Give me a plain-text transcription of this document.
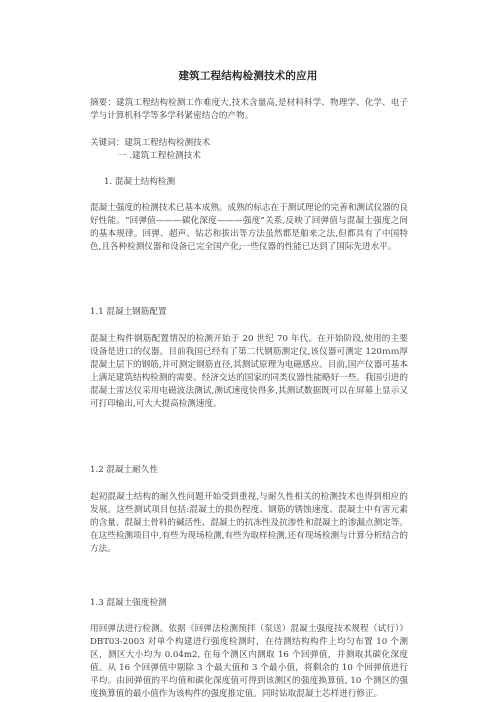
建筑工程结构检测技术的应用
摘要：建筑工程结构检测工作难度大,技术含量高,是材料科学、物理学、化学、电子学与计算机科学等多学科紧密结合的产物。
关键词：建筑工程结构检测技术
一 .建筑工程检测技术
1. 混凝土结构检测
混凝土强度的检测技术已基本成熟。成熟的标志在于测试理论的完善和测试仪器的良好性能。“回弹值———碳化深度———强度”关系,反映了回弹值与混凝土强度之间的基本规律。回弹、超声、钻芯和拔出等方法虽然都是舶来之法,但都具有了中国特色,且各种检测仪器和设备已完全国产化;一些仪器的性能已达到了国际先进水平。
1.1 混凝土钢筋配置
混凝土构件钢筋配置情况的检测开始于 20 世纪 70 年代。在开始阶段,使用的主要设备是进口的仪器。目前我国已经有了第二代钢筋测定仪,该仪器可测定 120ｍｍ厚混凝土层下的钢筋,并可测定钢筋直径,其测试原理为电磁感应。目前,国产仪器可基本上满足建筑结构检测的需要。经济交达的国家的同类仪器性能略好一些。我国引进的混凝土雷达仪采用电磁波法测试,测试速度快得多,其测试数据既可以在屏幕上显示又可打印输出,可大大提高检测速度。
1.2 混凝土耐久性
起初混凝土结构的耐久性问题开始受到重视,与耐久性相关的检测技术也得到相应的发展。这些测试项目包括:混凝土的损伤程度、钢筋的锈蚀速度、混凝土中有害元素的含量、混凝土骨料的碱活性、混凝土的抗冻性及抗渗性和混凝土的渗漏点测定等。在这些检测项目中,有些为现场检测,有些为取样检测,还有现场检测与计算分析结合的方法。
1.3 混凝土强度检测
用回弹法进行检测。依据《回弹法检测预拌（泵送）混凝土强度技术规程（试行）》DBT03-2003 对单个构建进行强度检测时，在待测结构构件上均匀布置 10 个测区，测区大小均为 0.04m2, 在每个测区内测取 16 个回弹值，并测取其碳化深度值。从 16 个回弹值中剔除 3 个最大值和 3 个最小值，将剩余的 10 个回弹值进行平均。由回弹值的平均值和碳化深度值可得到该测区的强度换算值, 10 个测区的强度换算值的最小值作为该构件的强度推定值。同时钻取混凝土芯样进行修正。
